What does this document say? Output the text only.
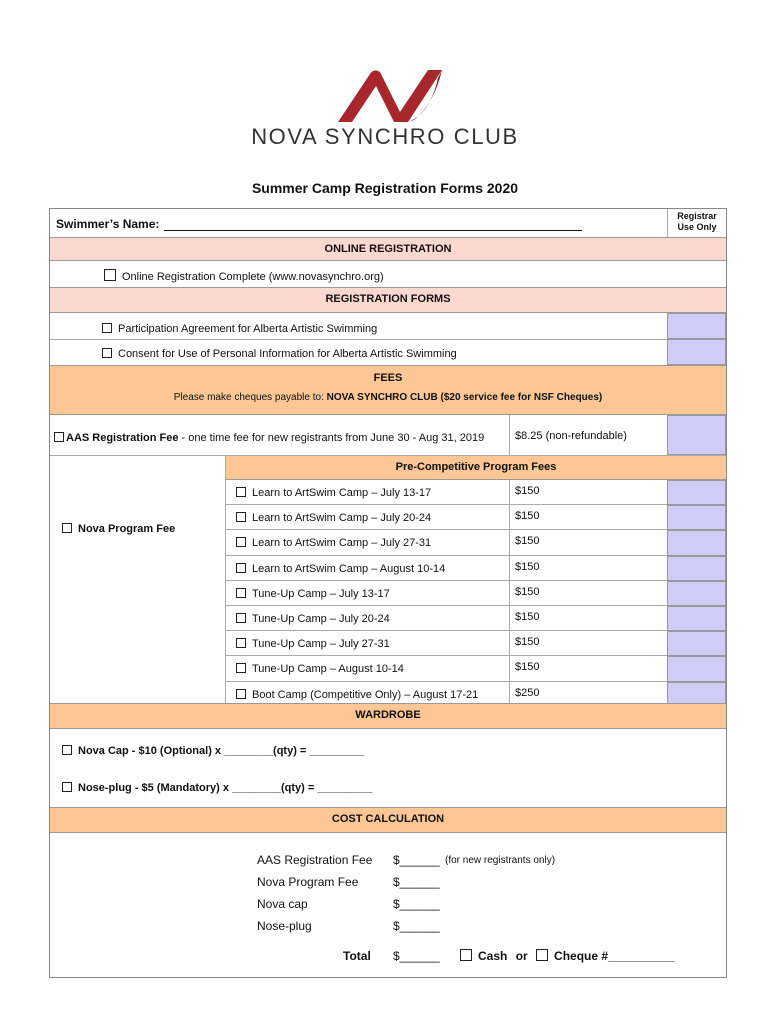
NOVA SYNCHRO CLUB
Summer Camp Registration Forms 2020
Swimmer’s Name:
Registrar Use Only
ONLINE REGISTRATION
Online Registration Complete (www.novasynchro.org)
REGISTRATION FORMS
Participation Agreement for Alberta Artistic Swimming
Consent for Use of Personal Information for Alberta Artistic Swimming
FEES
Please make cheques payable to: NOVA SYNCHRO CLUB ($20 service fee for NSF Cheques)
AAS Registration Fee - one time fee for new registrants from June 30 - Aug 31, 2019	$8.25 (non-refundable)
Nova Program Fee
Pre-Competitive Program Fees
Learn to ArtSwim Camp – July 13-17	$150
Learn to ArtSwim Camp – July 20-24	$150
Learn to ArtSwim Camp – July 27-31	$150
Learn to ArtSwim Camp – August 10-14	$150
Tune-Up Camp – July 13-17	$150
Tune-Up Camp – July 20-24	$150
Tune-Up Camp – July 27-31	$150
Tune-Up Camp – August 10-14	$150
Boot Camp (Competitive Only) – August 17-21	$250
WARDROBE
Nova Cap - $10 (Optional) x ________(qty) = _________
Nose-plug - $5 (Mandatory) x ________(qty) = _________
COST CALCULATION
AAS Registration Fee $______ (for new registrants only)
Nova Program Fee	$______
Nova cap	$______
Nose-plug	$______
Total $______	Cash or Cheque #__________
